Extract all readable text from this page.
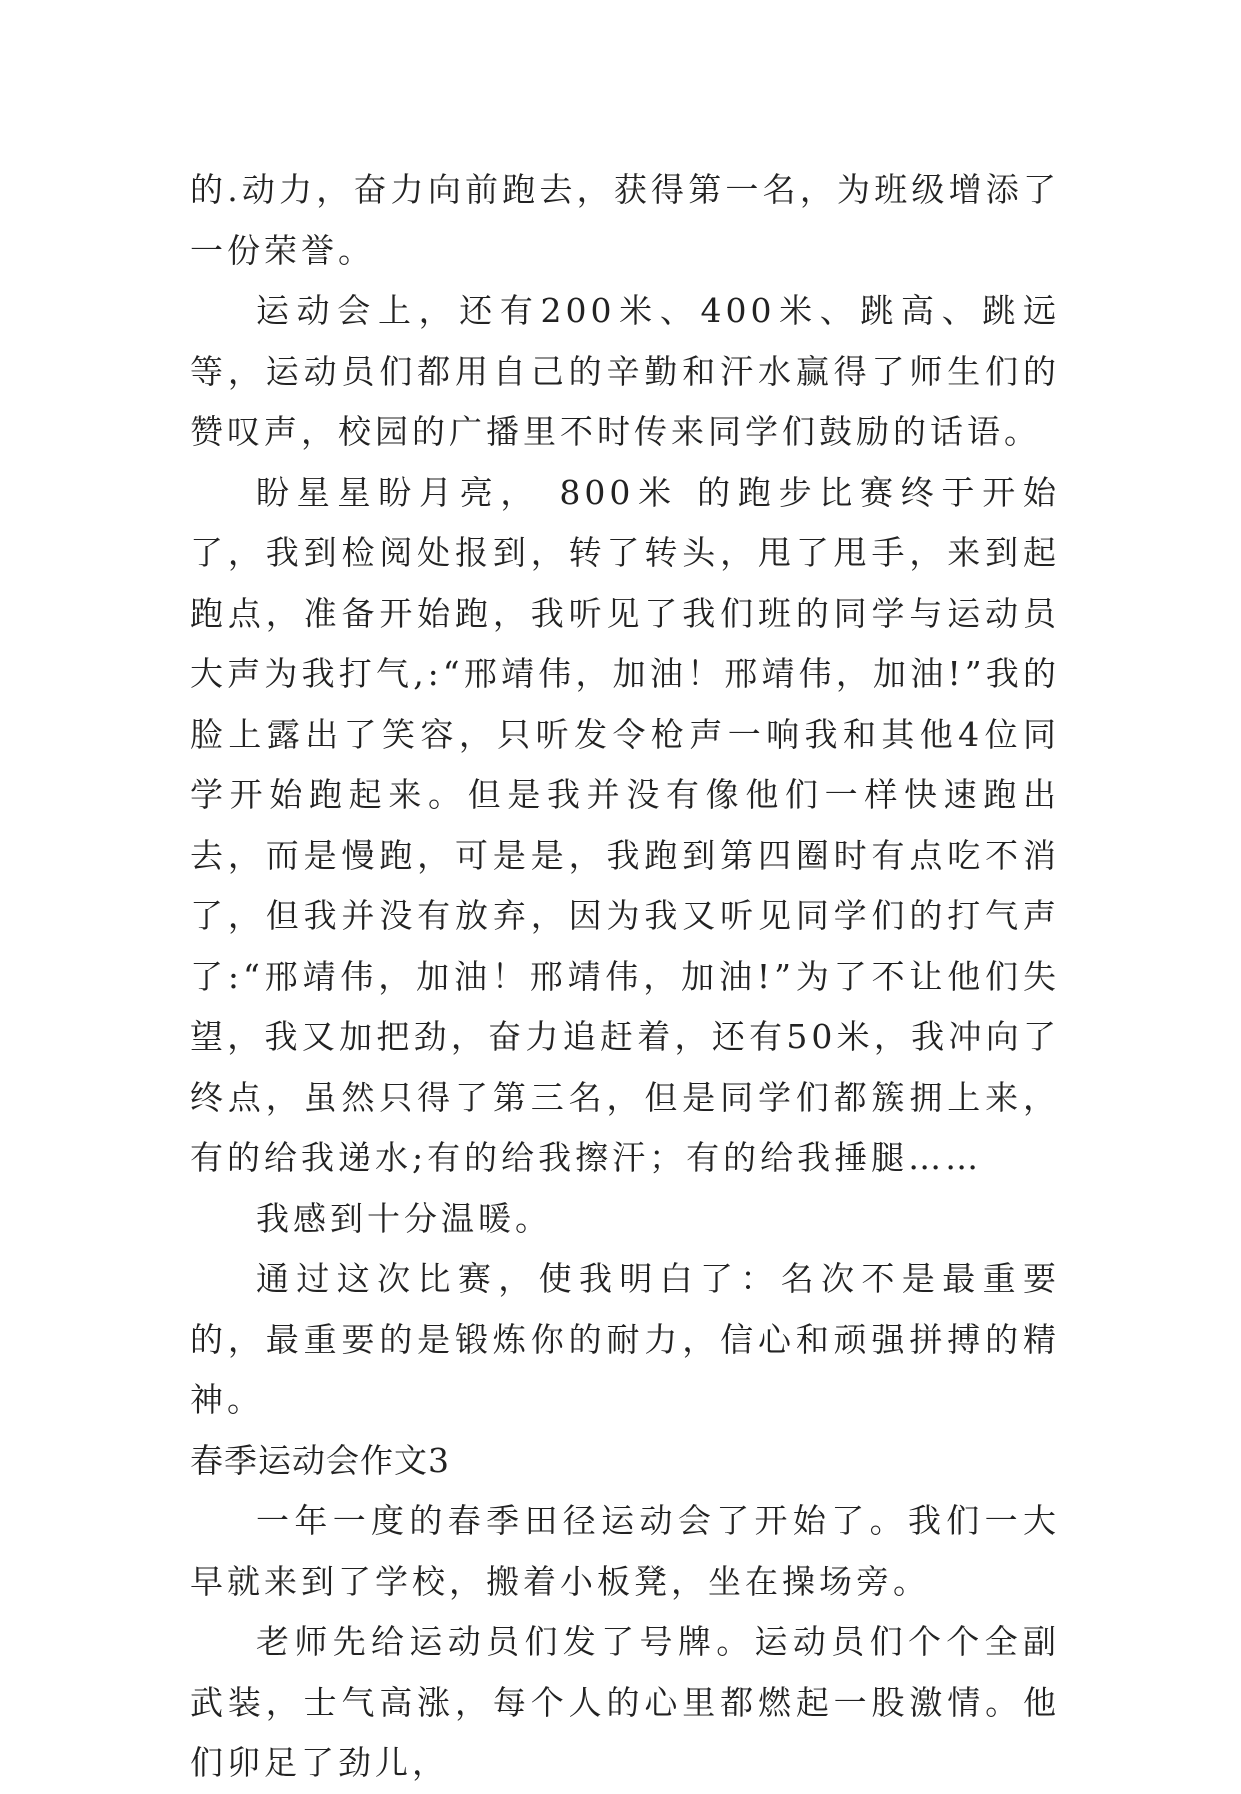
的.动力，奋力向前跑去，获得第一名，为班级增添了一份荣誉。

运动会上，还有200米、400米、跳高、跳远等，运动员们都用自己的辛勤和汗水赢得了师生们的赞叹声，校园的广播里不时传来同学们鼓励的话语。

盼星星盼月亮， 800米 的跑步比赛终于开始了，我到检阅处报到，转了转头，甩了甩手，来到起跑点，准备开始跑，我听见了我们班的同学与运动员大声为我打气,:“邢靖伟，加油！邢靖伟，加油!”我的脸上露出了笑容，只听发令枪声一响我和其他4位同学开始跑起来。但是我并没有像他们一样快速跑出去，而是慢跑，可是是，我跑到第四圈时有点吃不消了，但我并没有放弃，因为我又听见同学们的打气声了:“邢靖伟，加油！邢靖伟，加油!”为了不让他们失望，我又加把劲，奋力追赶着，还有50米，我冲向了终点，虽然只得了第三名，但是同学们都簇拥上来，有的给我递水;有的给我擦汗；有的给我捶腿……

我感到十分温暖。

通过这次比赛，使我明白了：名次不是最重要的，最重要的是锻炼你的耐力，信心和顽强拼搏的精神。

春季运动会作文3

一年一度的春季田径运动会了开始了。我们一大早就来到了学校，搬着小板凳，坐在操场旁。

老师先给运动员们发了号牌。运动员们个个全副武装，士气高涨，每个人的心里都燃起一股激情。他们卯足了劲儿，
